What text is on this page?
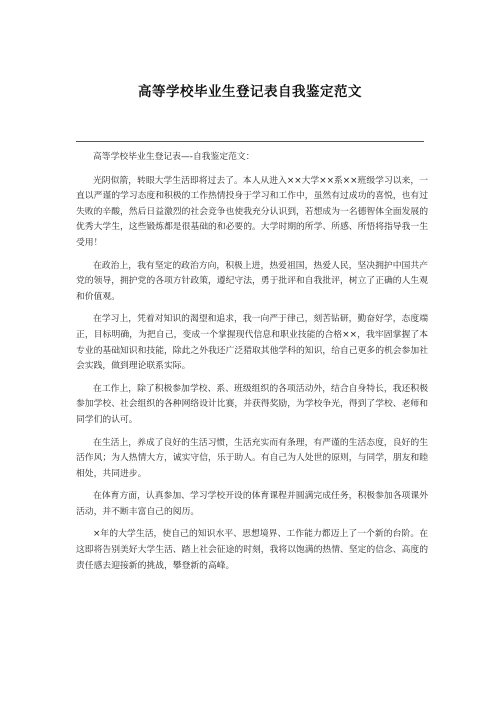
高等学校毕业生登记表自我鉴定范文

高等学校毕业生登记表—-自我鉴定范文：

光阴似箭，转眼大学生活即将过去了。本人从进入××大学××系××班级学习以来，一直以严谨的学习态度和积极的工作热情投身于学习和工作中，虽然有过成功的喜悦，也有过失败的辛酸，然后日益激烈的社会竞争也使我充分认识到，若想成为一名德智体全面发展的优秀大学生，这些锻炼都是很基础的和必要的。大学时期的所学、所感、所悟将指导我一生受用！

在政治上，我有坚定的政治方向，积极上进，热爱祖国，热爱人民，坚决拥护中国共产党的领导，拥护党的各项方针政策，遵纪守法，勇于批评和自我批评，树立了正确的人生观和价值观。

在学习上，凭着对知识的渴望和追求，我一向严于律己，刻苦钻研，勤奋好学，态度端正，目标明确，为把自己，变成一个掌握现代信息和职业技能的合格××，我牢固掌握了本专业的基础知识和技能，除此之外我还广泛猎取其他学科的知识，给自己更多的机会参加社会实践，做到理论联系实际。

在工作上，除了积极参加学校、系、班级组织的各项活动外，结合自身特长，我还积极参加学校、社会组织的各种网络设计比赛，并获得奖励，为学校争光，得到了学校、老师和同学们的认可。

在生活上，养成了良好的生活习惯，生活充实而有条理，有严谨的生活态度，良好的生活作风；为人热情大方，诚实守信，乐于助人。有自己为人处世的原则，与同学，朋友和睦相处，共同进步。

在体育方面，认真参加、学习学校开设的体育课程并圆满完成任务，积极参加各项课外活动，并不断丰富自己的阅历。

×年的大学生活，使自己的知识水平、思想境界、工作能力都迈上了一个新的台阶。在这即将告别美好大学生活、踏上社会征途的时刻，我将以饱满的热情、坚定的信念、高度的责任感去迎接新的挑战，攀登新的高峰。
